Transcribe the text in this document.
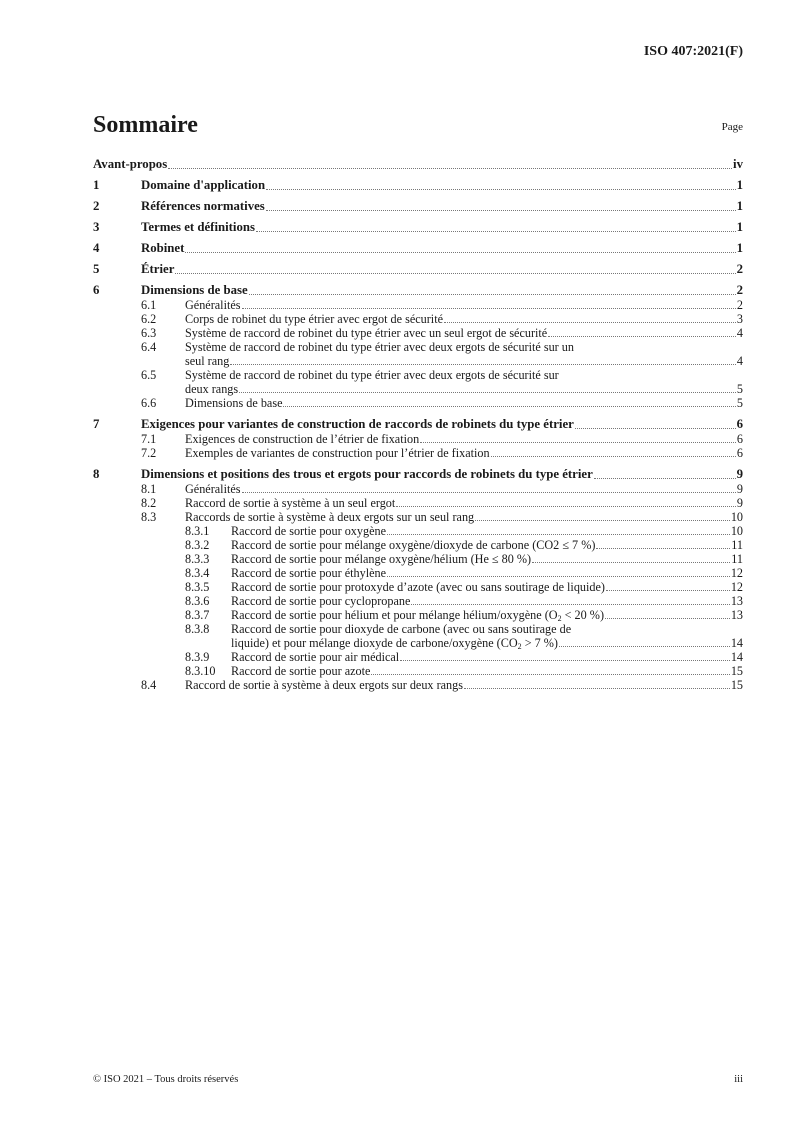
ISO 407:2021(F)
Sommaire	Page
Avant-propos	iv
1	Domaine d'application	1
2	Références normatives	1
3	Termes et définitions	1
4	Robinet	1
5	Étrier	2
6	Dimensions de base	2
6.1	Généralités	2
6.2	Corps de robinet du type étrier avec ergot de sécurité	3
6.3	Système de raccord de robinet du type étrier avec un seul ergot de sécurité	4
6.4	Système de raccord de robinet du type étrier avec deux ergots de sécurité sur un
seul rang	4
6.5	Système de raccord de robinet du type étrier avec deux ergots de sécurité sur
deux rangs	5
6.6	Dimensions de base	5
7	Exigences pour variantes de construction de raccords de robinets du type étrier	6
7.1	Exigences de construction de l’étrier de fixation	6
7.2	Exemples de variantes de construction pour l’étrier de fixation	6
8	Dimensions et positions des trous et ergots pour raccords de robinets du type étrier	9
8.1	Généralités	9
8.2	Raccord de sortie à système à un seul ergot	9
8.3	Raccords de sortie à système à deux ergots sur un seul rang	10
8.3.1	Raccord de sortie pour oxygène	10
8.3.2	Raccord de sortie pour mélange oxygène/dioxyde de carbone (CO2 ≤ 7 %)	11
8.3.3	Raccord de sortie pour mélange oxygène/hélium (He ≤ 80 %)	11
8.3.4	Raccord de sortie pour éthylène	12
8.3.5	Raccord de sortie pour protoxyde d’azote (avec ou sans soutirage de liquide)	12
8.3.6	Raccord de sortie pour cyclopropane	13
8.3.7	Raccord de sortie pour hélium et pour mélange hélium/oxygène ($O_2 < 20$ %)	13
8.3.8	Raccord de sortie pour dioxyde de carbone (avec ou sans soutirage de
liquide) et pour mélange dioxyde de carbone/oxygène ($CO_2 > 7$ %)	14
8.3.9	Raccord de sortie pour air médical	14
8.3.10	Raccord de sortie pour azote	15
8.4	Raccord de sortie à système à deux ergots sur deux rangs	15
© ISO 2021 – Tous droits réservés	iii
